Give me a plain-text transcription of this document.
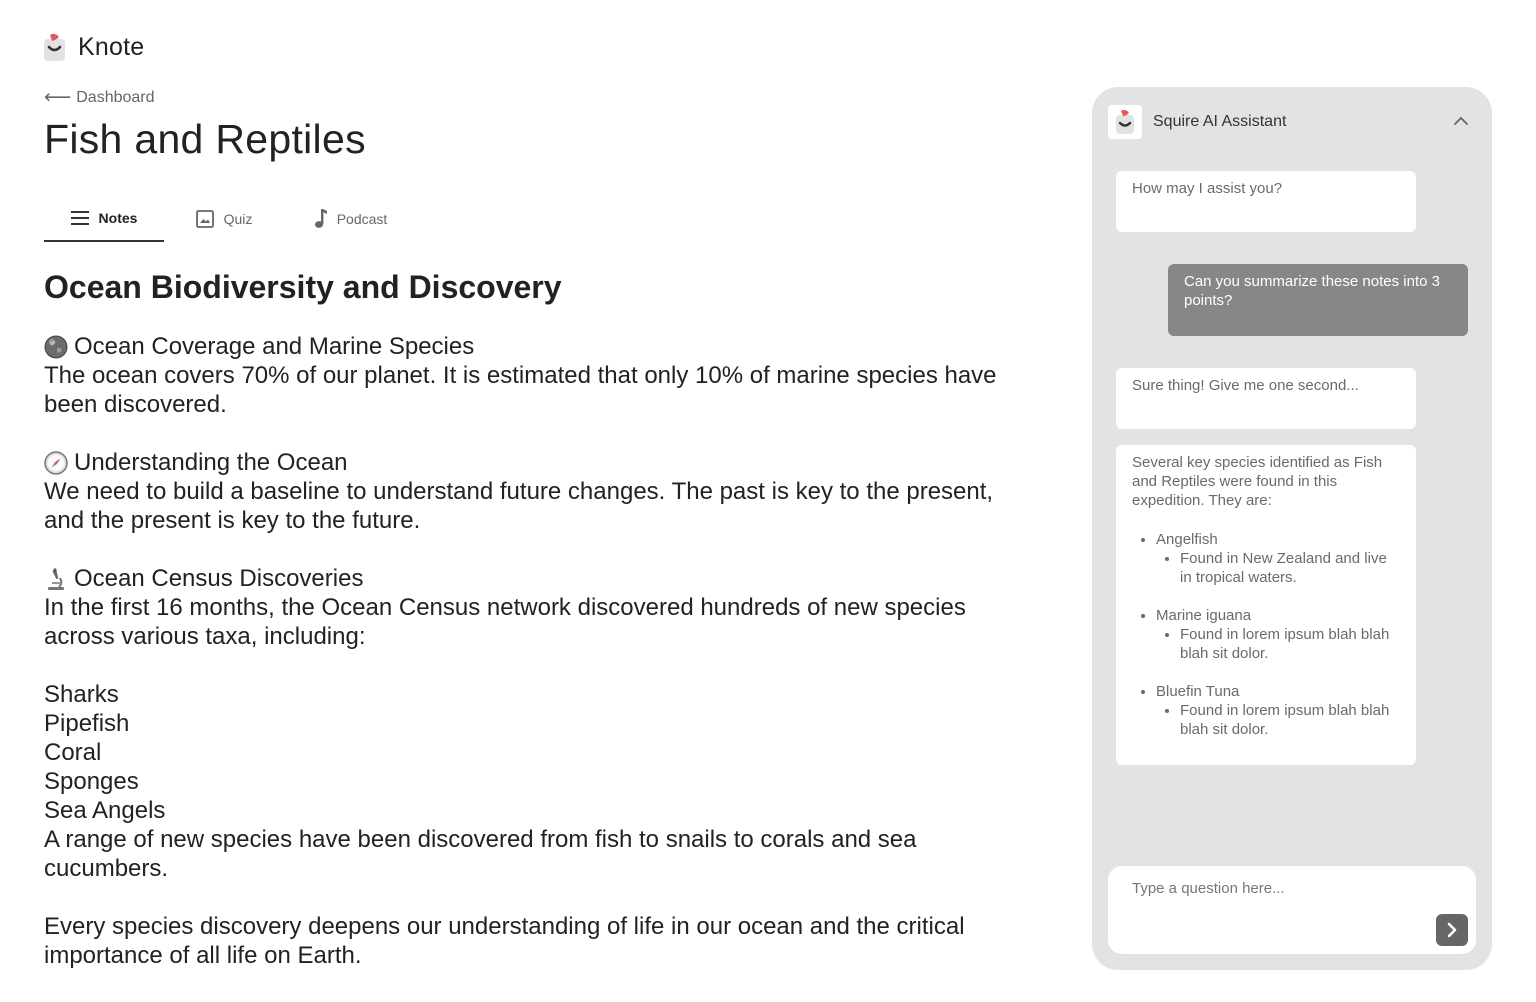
Knote
⟵ Dashboard
Fish and Reptiles
Notes	Quiz	Podcast
Ocean Biodiversity and Discovery
Ocean Coverage and Marine Species

The ocean covers 70% of our planet. It is estimated that only 10% of marine species have been discovered.

Understanding the Ocean

We need to build a baseline to understand future changes. The past is key to the present, and the present is key to the future.

Ocean Census Discoveries

In the first 16 months, the Ocean Census network discovered hundreds of new species across various taxa, including:

Sharks
Pipefish
Coral
Sponges
Sea Angels

A range of new species have been discovered from fish to snails to corals and sea cucumbers.

Every species discovery deepens our understanding of life in our ocean and the critical importance of all life on Earth.

Squire AI Assistant
How may I assist you?
Can you summarize these notes into 3 points?
Sure thing! Give me one second...
Several key species identified as Fish and Reptiles were found in this expedition. They are:
• Angelfish
• Found in New Zealand and live in tropical waters.
• Marine iguana
• Found in lorem ipsum blah blah blah sit dolor.
• Bluefin Tuna
• Found in lorem ipsum blah blah blah sit dolor.
Type a question here...
